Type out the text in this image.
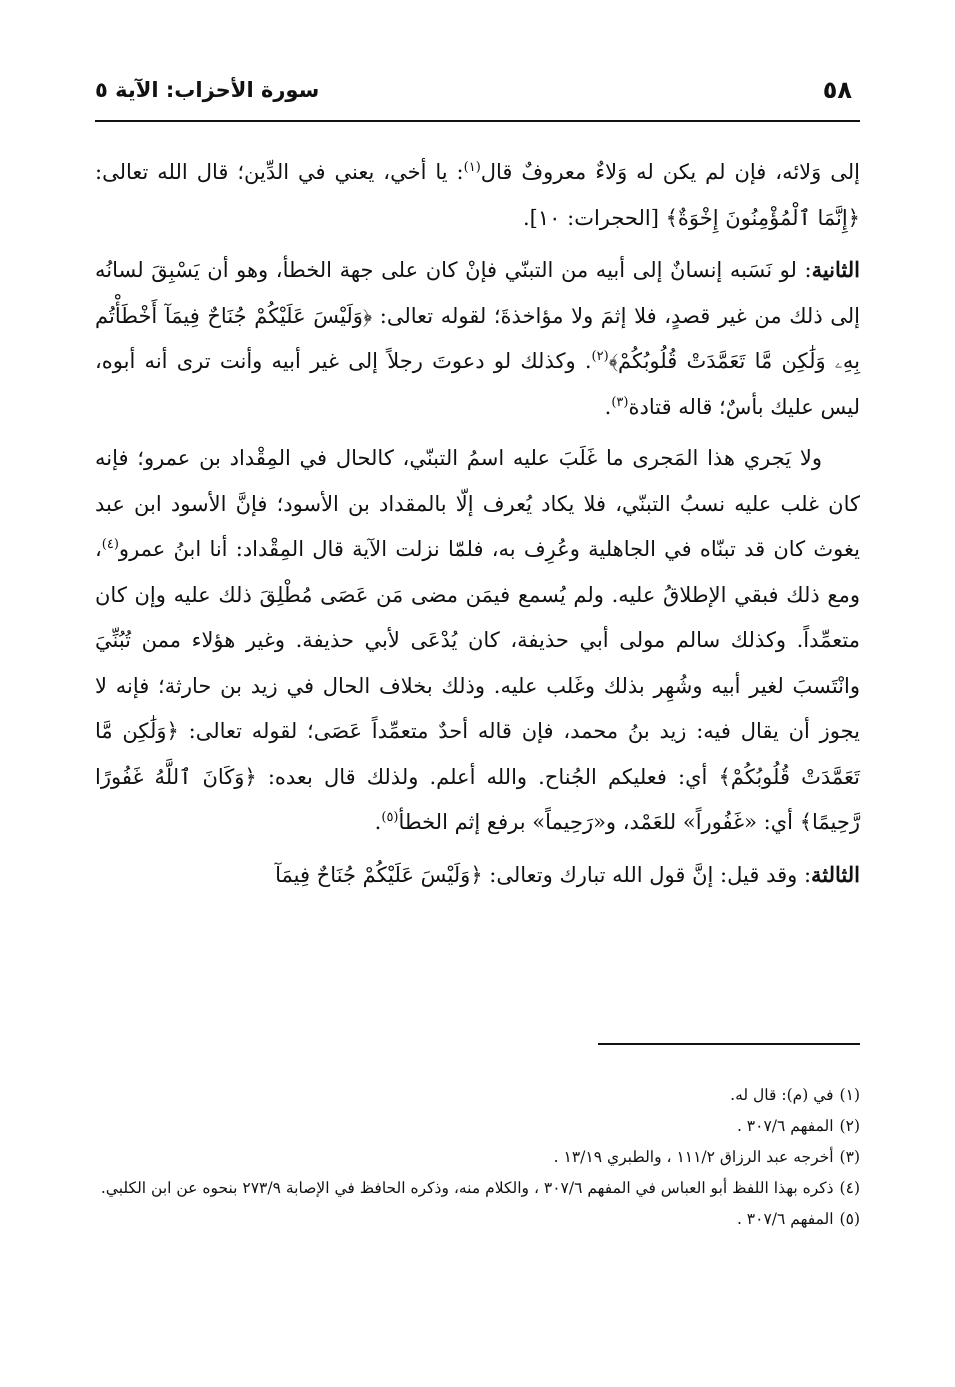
سورة الأحزاب: الآية ٥	٥٨

إلى وَلائه، فإن لم يكن له وَلاءٌ معروفٌ قال$^{(١)}$: يا أخي، يعني في الدِّين؛ قال الله تعالى: ﴿إِنَّمَا ٱلْمُؤْمِنُونَ إِخْوَةٌ﴾ [الحجرات: ١٠].

الثانية: لو نَسَبه إنسانٌ إلى أبيه من التبنّي فإنْ كان على جهة الخطأ، وهو أن يَسْبِقَ لسانُه إلى ذلك من غير قصدٍ، فلا إثمَ ولا مؤاخذةَ؛ لقوله تعالى: ﴿وَلَيْسَ عَلَيْكُمْ جُنَاحٌ فِيمَآ أَخْطَأْتُم بِهِۦ وَلَٰكِن مَّا تَعَمَّدَتْ قُلُوبُكُمْ﴾$^{(٢)}$. وكذلك لو دعوتَ رجلاً إلى غير أبيه وأنت ترى أنه أبوه، ليس عليك بأسٌ؛ قاله قتادة$^{(٣)}$.

ولا يَجري هذا المَجرى ما غَلَبَ عليه اسمُ التبنّي، كالحال في المِقْداد بن عمرو؛ فإنه كان غلب عليه نسبُ التبنّي، فلا يكاد يُعرف إلّا بالمقداد بن الأسود؛ فإنَّ الأسود ابن عبد يغوث كان قد تبنّاه في الجاهلية وعُرِف به، فلمّا نزلت الآية قال المِقْداد: أنا ابنُ عمرو$^{(٤)}$، ومع ذلك فبقي الإطلاقُ عليه. ولم يُسمع فيمَن مضى مَن عَصَى مُطْلِقَ ذلك عليه وإن كان متعمِّداً. وكذلك سالم مولى أبي حذيفة، كان يُدْعَى لأبي حذيفة. وغير هؤلاء ممن تُبُنِّيَ وانْتَسبَ لغير أبيه وشُهِر بذلك وغَلب عليه. وذلك بخلاف الحال في زيد بن حارثة؛ فإنه لا يجوز أن يقال فيه: زيد بنُ محمد، فإن قاله أحدٌ متعمِّداً عَصَى؛ لقوله تعالى: ﴿وَلَٰكِن مَّا تَعَمَّدَتْ قُلُوبُكُمْ﴾ أي: فعليكم الجُناح. والله أعلم. ولذلك قال بعده: ﴿وَكَانَ ٱللَّهُ غَفُورًا رَّحِيمًا﴾ أي: «غَفُوراً» للعَمْد، و«رَحِيماً» برفع إثم الخطأ$^{(٥)}$.

الثالثة: وقد قيل: إنَّ قول الله تبارك وتعالى: ﴿وَلَيْسَ عَلَيْكُمْ جُنَاحٌ فِيمَآ

(١)في (م): قال له.

(٢)المفهم ٣٠٧/٦ .

(٣)أخرجه عبد الرزاق ١١١/٢ ، والطبري ١٣/١٩ .

(٤)ذكره بهذا اللفظ أبو العباس في المفهم ٣٠٧/٦ ، والكلام منه، وذكره الحافظ في الإصابة ٢٧٣/٩ بنحوه عن ابن الكلبي.

(٥)المفهم ٣٠٧/٦ .
